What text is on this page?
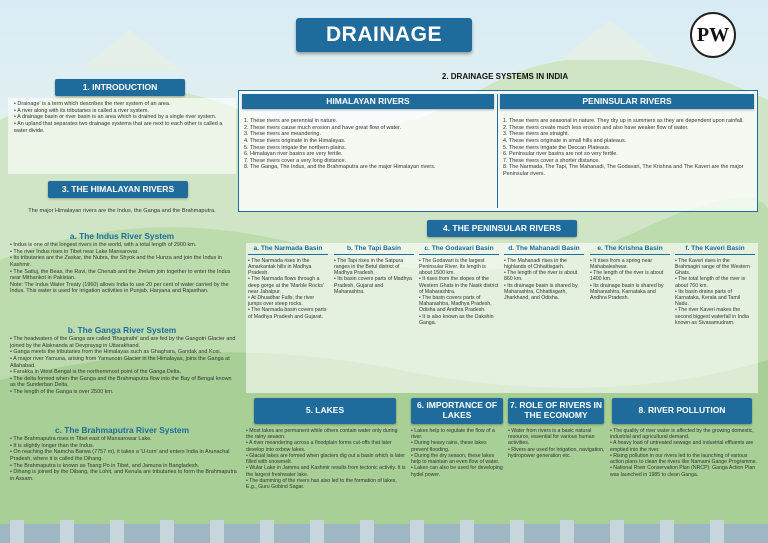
DRAINAGE	PW
1. INTRODUCTION
• Drainage' is a term which describes the river system of an area.
• A river along with its tributaries is called a river system.
• A drainage basin or river basin is an area which is drained by a single river system.
• An upland that separates two drainage systems that are next to each other is called a water divide.
3. THE HIMALAYAN RIVERS
The major Himalayan rivers are the Indus, the Ganga and the Brahmaputra.
a. The Indus River System
• Indus is one of the longest rivers in the world, with a total length of 2900 km.
• The river Indus rises in Tibet near Lake Mansarovar.
• Its tributaries are the Zaskar, the Nubra, the Shyok and the Hunza and join the Indus in Kashmir.
• The Satluj, the Beas, the Ravi, the Chenab and the Jhelum join together to enter the Indus near Mithankot in Pakistan.
Note: The Indus Water Treaty (1960) allows India to use 20 per cent of water carried by the Indus. This water is used for irrigation activities in Punjab, Haryana and Rajasthan.
b. The Ganga River System
• The headwaters of the Ganga are called 'Bhagirathi' and are fed by the Gangotri Glacier and joined by the Alaknanda at Devprayag in Uttarakhand.
• Ganga meets the tributaries from the Himalayas such as Ghaghara, Gandak and Kosi.
• A major river Yamuna, arising from Yamunotri Glacier in the Himalayas, joins the Ganga at Allahabad.
• Farakka in West Bengal is the northernmost point of the Ganga Delta.
• The delta formed when the Ganga and the Brahmaputra flow into the Bay of Bengal known as the Sunderban Delta.
• The length of the Ganga is over 2500 km.
c. The Brahmaputra River System
• The Brahmaputra rises in Tibet east of Mansarowar Lake.
• It is slightly longer than the Indus.
• On reaching the Namcha Barwa (7757 m), it takes a 'U-turn' and enters India in Arunachal Pradesh, where it is called the Dihang.
• The Brahmaputra is known as Tsang Po in Tibet, and Jamuna in Bangladesh.
• Dihang is joined by the Dibang, the Lohit, and Kenula are tributaries to form the Brahmaputra in Assam.
2. DRAINAGE SYSTEMS IN INDIA
HIMALAYAN RIVERS	PENINSULAR RIVERS
1. These rivers are perennial in nature.
2. These rivers cause much erosion and have great flow of water.
3. These rivers are meandering.
4. These rivers originate in the Himalayas.
5. These rivers irrigate the northern plains.
6. Himalayan river basins are very fertile.
7. These rivers cover a very long distance.
8. The Ganga, The Indus, and the Brahmaputra are the major Himalayan rivers.
1. These rivers are seasonal in nature. They dry up in summers as they are dependent upon rainfall.
2. These rivers create much less erosion and also have weaker flow of water.
3. These rivers are straight.
4. These rivers originate in small hills and plateaus.
5. These rivers irrigate the Deccan Plateaus.
6. Peninsular river basins are not so very fertile.
7. These rivers cover a shorter distance.
8. The Narmada, The Tapi, The Mahanadi, The Godavari, The Krishna and The Kaveri are the major Peninsular rivers.
4. THE PENINSULAR RIVERS
a. The Narmada Basin
• The Narmada rises in the Amarkantak hills in Madhya Pradesh.
• The Narmada flows through a deep gorge at the 'Marble Rocks' near Jabalpur.
• At Dhuadhar Falls, the river jumps over steep rocks.
• The Narmada basin covers parts of Madhya Pradesh and Gujarat.
b. The Tapi Basin
• The Tapi rises in the Satpura ranges in the Betul district of Madhya Pradesh.
• Its basin covers parts of Madhya Pradesh, Gujarat and Maharashtra.
c. The Godavari Basin
• The Godavari is the largest Peninsular River. Its length is about 1500 km.
• It rises from the slopes of the Western Ghats in the Nasik district of Maharashtra.
• The basin covers parts of Maharashtra, Madhya Pradesh, Odisha and Andhra Pradesh.
• It is also known as the Dakshin Ganga.
d. The Mahanadi Basin
• The Mahanadi rises in the highlands of Chhattisgarh.
• The length of the river is about 860 km.
• Its drainage basin is shared by Maharashtra, Chhattisgarh, Jharkhand, and Odisha.
e. The Krishna Basin
• It rises from a spring near Mahabaleshwar.
• The length of the river is about 1400 km.
• Its drainage basin is shared by Maharashtra, Karnataka and Andhra Pradesh.
f. The Kaveri Basin
• The Kaveri rises in the Brahmagiri range of the Western Ghats.
• The total length of the river is about 760 km.
• Its basin drains parts of Karnataka, Kerala and Tamil Nadu.
• The river Kaveri makes the second biggest waterfall in India known as Sivasamudram.
5. LAKES
• Most lakes are permanent while others contain water only during the rainy season.
• A river meandering across a floodplain forms cut-offs that later develop into oxbow lakes.
• Glacial lakes are formed when glaciers dig out a basin which is later filled with snowmelt.
• Wular Lake in Jammu and Kashmir results from tectonic activity. It is the largest freshwater lake.
• The damming of the rivers has also led to the formation of lakes. E.g., Guru Gobind Sagar.
6. IMPORTANCE OF LAKES
• Lakes help to regulate the flow of a river.
• During heavy rains, these lakes prevent flooding.
• During the dry season, these lakes help to maintain an even flow of water.
• Lakes can also be used for developing hydel power.
7. ROLE OF RIVERS IN THE ECONOMY
• Water from rivers is a basic natural resource, essential for various human activities.
• Rivers are used for irrigation, navigation, hydropower generation etc.
8. RIVER POLLUTION
• The quality of river water is affected by the growing domestic, industrial and agricultural demand.
• A heavy load of untreated sewage and industrial effluents are emptied into the river.
• Rising pollution in our rivers led to the launching of various action plans to clean the rivers like Namami Gange Programme.
• National River Conservation Plan (NRCP): Ganga Action Plan was launched in 1985 to clean Ganga.
